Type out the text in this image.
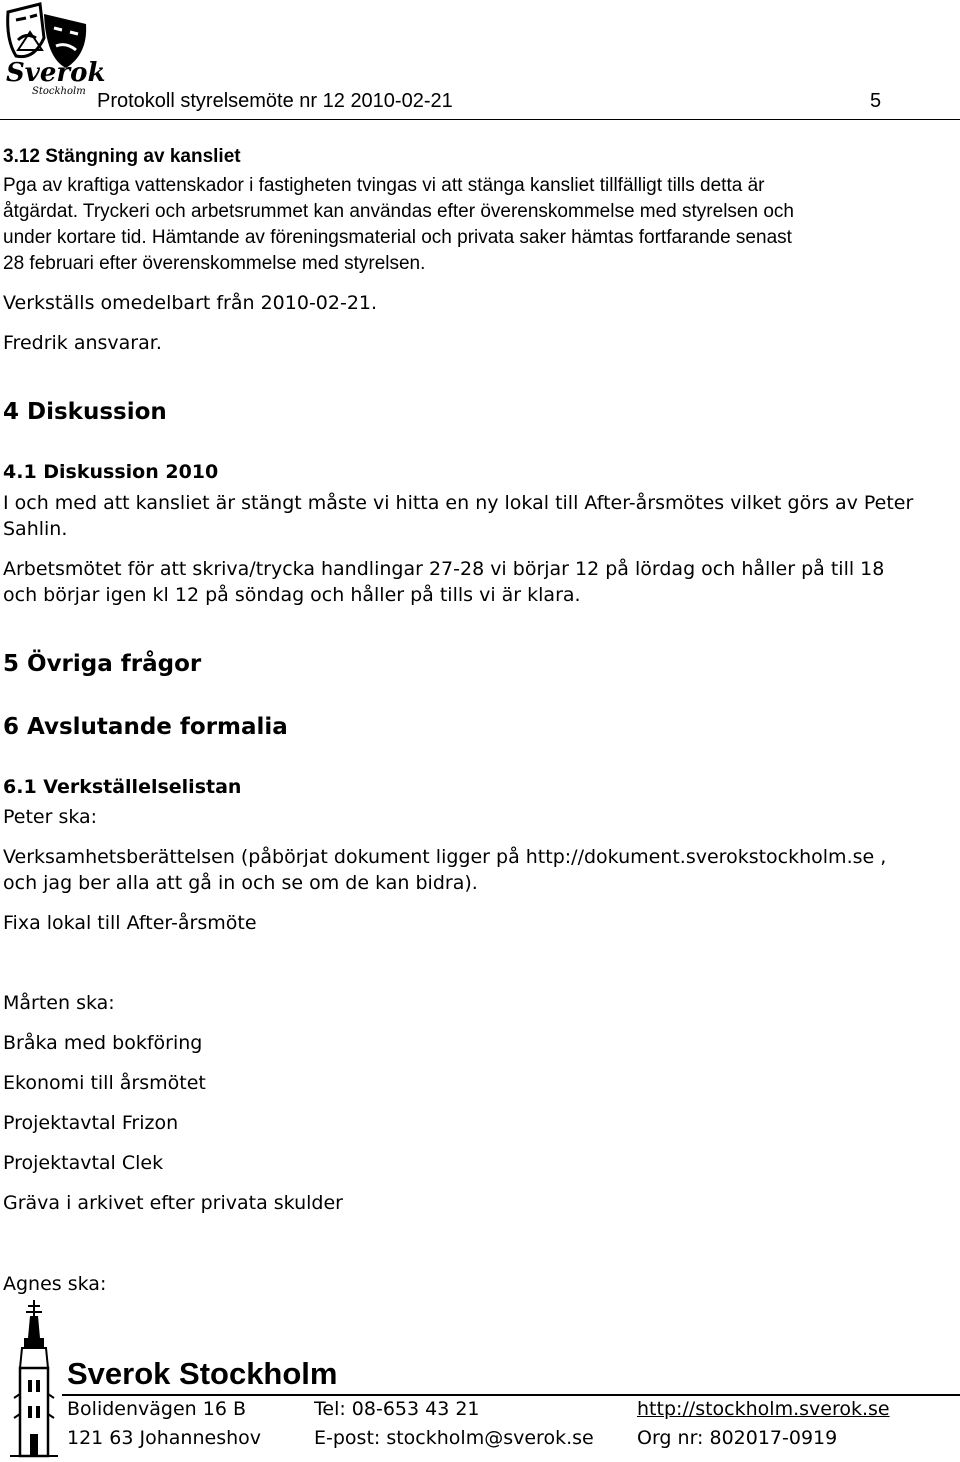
Sverok
Stockholm Protokoll styrelsemöte nr 12 2010-02-21	5
3.12 Stängning av kansliet
Pga av kraftiga vattenskador i fastigheten tvingas vi att stänga kansliet tillfälligt tills detta är
åtgärdat. Tryckeri och arbetsrummet kan användas efter överenskommelse med styrelsen och
under kortare tid. Hämtande av föreningsmaterial och privata saker hämtas fortfarande senast
28 februari efter överenskommelse med styrelsen.
Verkställs omedelbart från 2010-02-21.
Fredrik ansvarar.
4 Diskussion
4.1 Diskussion 2010
I och med att kansliet är stängt måste vi hitta en ny lokal till After-årsmötes vilket görs av Peter
Sahlin.
Arbetsmötet för att skriva/trycka handlingar 27-28 vi börjar 12 på lördag och håller på till 18
och börjar igen kl 12 på söndag och håller på tills vi är klara.
5 Övriga frågor
6 Avslutande formalia
6.1 Verkställelselistan
Peter ska:
Verksamhetsberättelsen (påbörjat dokument ligger på http://dokument.sverokstockholm.se ,
och jag ber alla att gå in och se om de kan bidra).
Fixa lokal till After-årsmöte
Mårten ska:
Bråka med bokföring
Ekonomi till årsmötet
Projektavtal Frizon
Projektavtal Clek
Gräva i arkivet efter privata skulder
Agnes ska:
Sverok Stockholm
Bolidenvägen 16 B	Tel: 08-653 43 21	http://stockholm.sverok.se
121 63 Johanneshov	E-post: stockholm@sverok.se Org nr: 802017-0919
